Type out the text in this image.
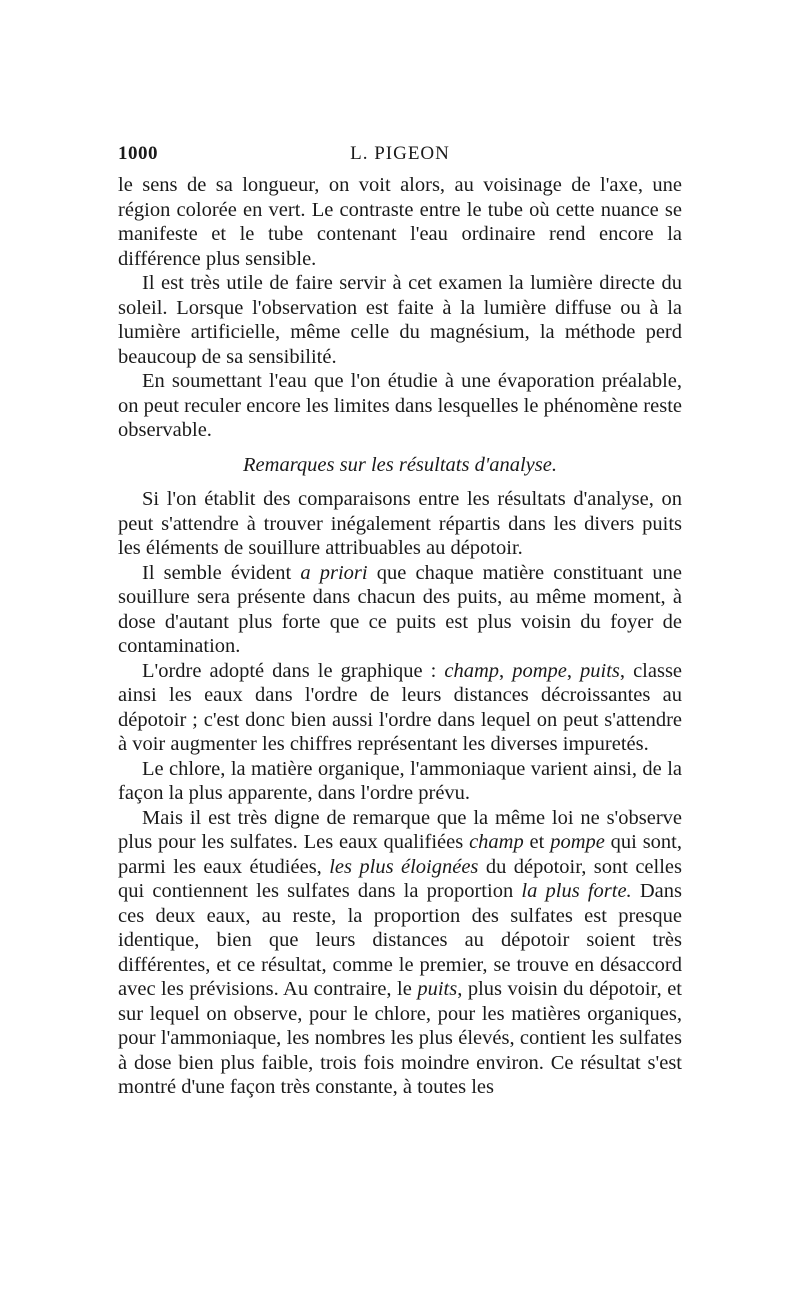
1000	L. PIGEON

le sens de sa longueur, on voit alors, au voisinage de l'axe, une région colorée en vert. Le contraste entre le tube où cette nuance se manifeste et le tube contenant l'eau ordinaire rend encore la différence plus sensible.

Il est très utile de faire servir à cet examen la lumière directe du soleil. Lorsque l'observation est faite à la lumière diffuse ou à la lumière artificielle, même celle du magnésium, la méthode perd beaucoup de sa sensibilité.

En soumettant l'eau que l'on étudie à une évaporation préalable, on peut reculer encore les limites dans lesquelles le phénomène reste observable.

Remarques sur les résultats d'analyse.

Si l'on établit des comparaisons entre les résultats d'analyse, on peut s'attendre à trouver inégalement répartis dans les divers puits les éléments de souillure attribuables au dépotoir.

Il semble évident a priori que chaque matière constituant une souillure sera présente dans chacun des puits, au même moment, à dose d'autant plus forte que ce puits est plus voisin du foyer de contamination.

L'ordre adopté dans le graphique : champ, pompe, puits, classe ainsi les eaux dans l'ordre de leurs distances décroissantes au dépotoir ; c'est donc bien aussi l'ordre dans lequel on peut s'attendre à voir augmenter les chiffres représentant les diverses impuretés.

Le chlore, la matière organique, l'ammoniaque varient ainsi, de la façon la plus apparente, dans l'ordre prévu.

Mais il est très digne de remarque que la même loi ne s'observe plus pour les sulfates. Les eaux qualifiées champ et pompe qui sont, parmi les eaux étudiées, les plus éloignées du dépotoir, sont celles qui contiennent les sulfates dans la proportion la plus forte. Dans ces deux eaux, au reste, la proportion des sulfates est presque identique, bien que leurs distances au dépotoir soient très différentes, et ce résultat, comme le premier, se trouve en désaccord avec les prévisions. Au contraire, le puits, plus voisin du dépotoir, et sur lequel on observe, pour le chlore, pour les matières organiques, pour l'ammoniaque, les nombres les plus élevés, contient les sulfates à dose bien plus faible, trois fois moindre environ. Ce résultat s'est montré d'une façon très constante, à toutes les
